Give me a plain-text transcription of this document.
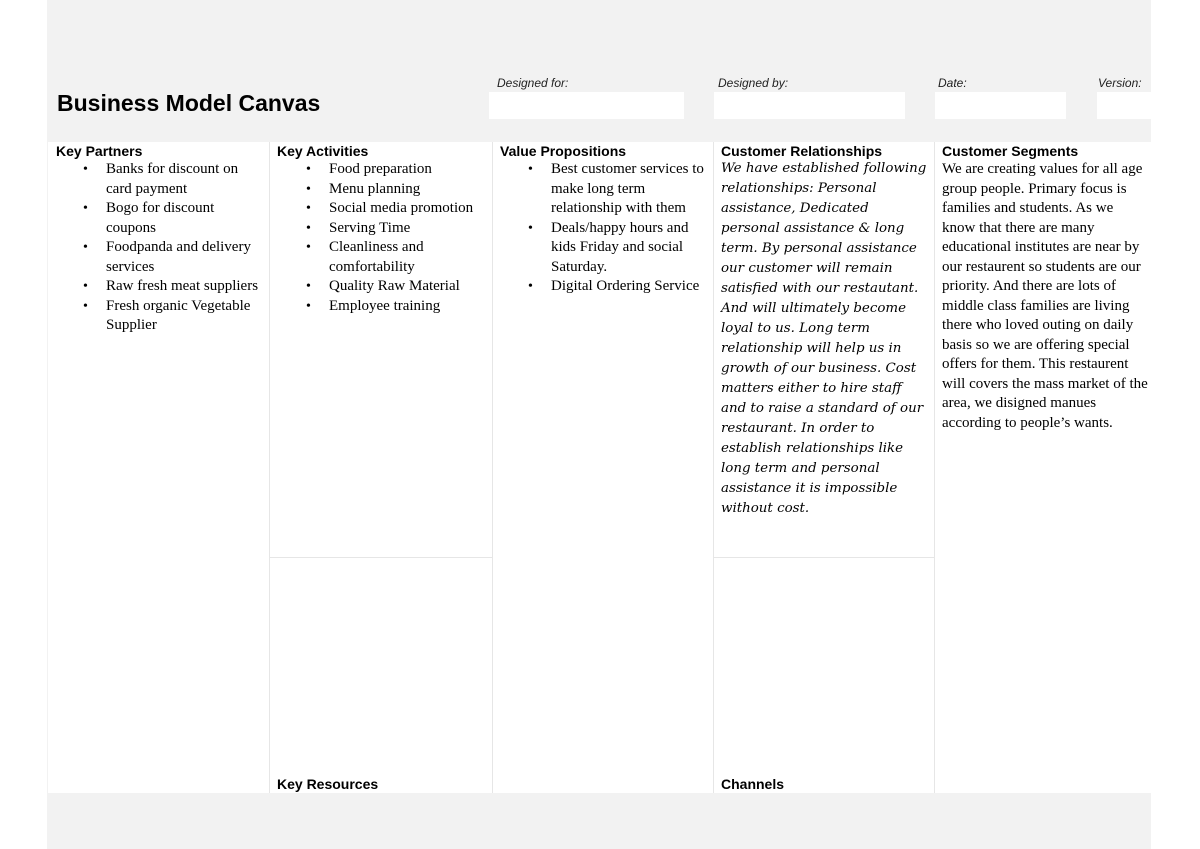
Business Model Canvas
Designed for:	Designed by:	Date:	Version:
Key Partners
• Banks for discount on card payment
• Bogo for discount coupons
• Foodpanda and delivery services
• Raw fresh meat suppliers
• Fresh organic Vegetable Supplier
Key Activities
• Food preparation
• Menu planning
• Social media promotion
• Serving Time
• Cleanliness and comfortability
• Quality Raw Material
• Employee training
Key Resources
Value Propositions
• Best customer services to make long term relationship with them
• Deals/happy hours and kids Friday and social Saturday.
• Digital Ordering Service
Customer Relationships
We have established following relationships: Personal assistance, Dedicated personal assistance & long term. By personal assistance our customer will remain satisfied with our restautant. And will ultimately become loyal to us. Long term relationship will help us in growth of our business. Cost matters either to hire staff and to raise a standard of our restaurant. In order to establish relationships like long term and personal assistance it is impossible without cost.
Channels
Customer Segments
We are creating values for all age group people. Primary focus is families and students. As we know that there are many educational institutes are near by our restaurent so students are our priority. And there are lots of middle class families are living there who loved outing on daily basis so we are offering special offers for them. This restaurent will covers the mass market of the area, we disigned manues according to people’s wants.
